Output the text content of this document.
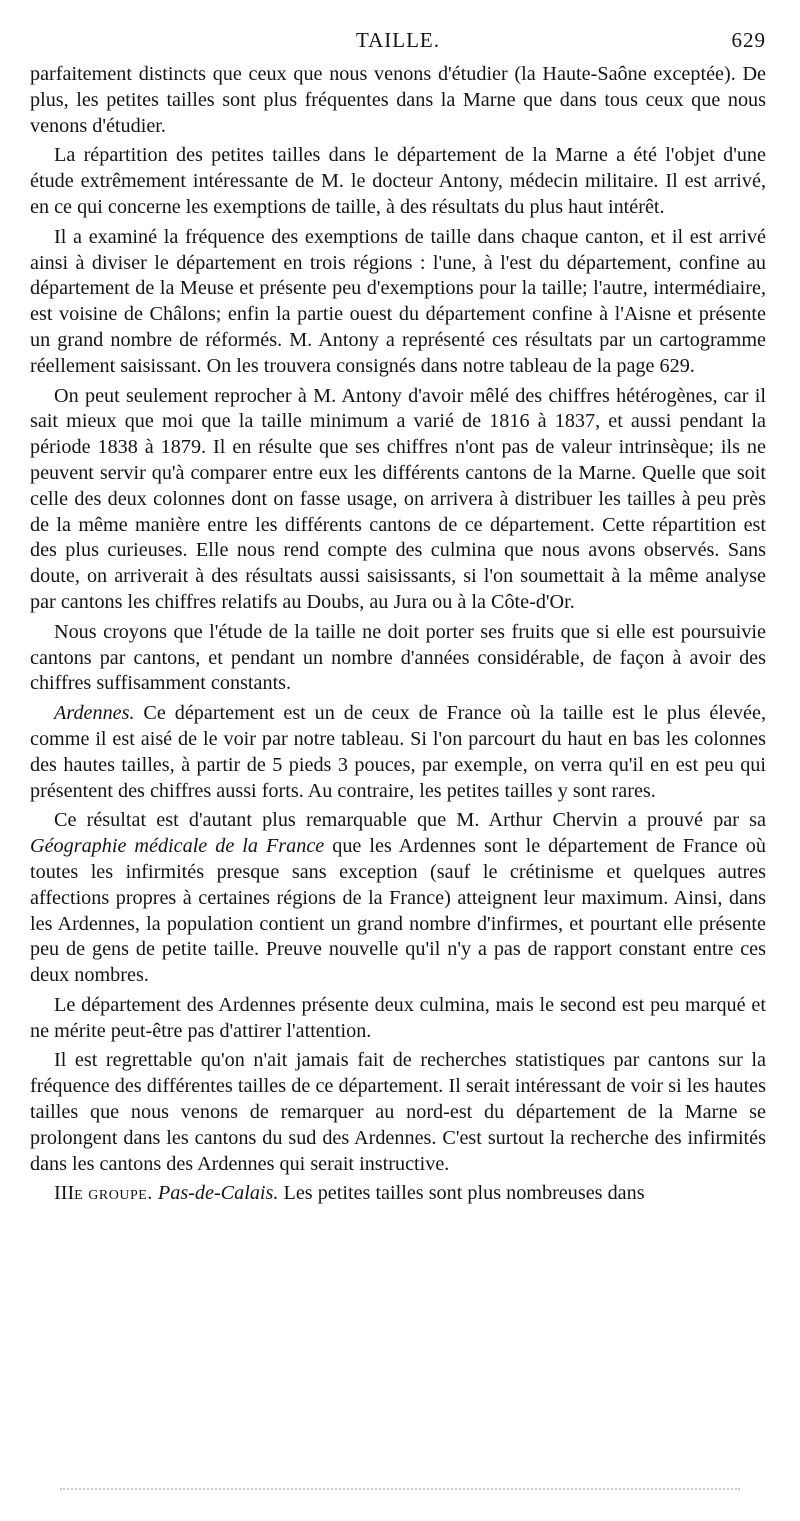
TAILLE.	629

parfaitement distincts que ceux que nous venons d'étudier (la Haute-Saône exceptée). De plus, les petites tailles sont plus fréquentes dans la Marne que dans tous ceux que nous venons d'étudier.

La répartition des petites tailles dans le département de la Marne a été l'objet d'une étude extrêmement intéressante de M. le docteur Antony, médecin militaire. Il est arrivé, en ce qui concerne les exemptions de taille, à des résultats du plus haut intérêt.

Il a examiné la fréquence des exemptions de taille dans chaque canton, et il est arrivé ainsi à diviser le département en trois régions : l'une, à l'est du département, confine au département de la Meuse et présente peu d'exemptions pour la taille; l'autre, intermédiaire, est voisine de Châlons; enfin la partie ouest du département confine à l'Aisne et présente un grand nombre de réformés. M. Antony a représenté ces résultats par un cartogramme réellement saisissant. On les trouvera consignés dans notre tableau de la page 629.

On peut seulement reprocher à M. Antony d'avoir mêlé des chiffres hétérogènes, car il sait mieux que moi que la taille minimum a varié de 1816 à 1837, et aussi pendant la période 1838 à 1879. Il en résulte que ses chiffres n'ont pas de valeur intrinsèque; ils ne peuvent servir qu'à comparer entre eux les différents cantons de la Marne. Quelle que soit celle des deux colonnes dont on fasse usage, on arrivera à distribuer les tailles à peu près de la même manière entre les différents cantons de ce département. Cette répartition est des plus curieuses. Elle nous rend compte des culmina que nous avons observés. Sans doute, on arriverait à des résultats aussi saisissants, si l'on soumettait à la même analyse par cantons les chiffres relatifs au Doubs, au Jura ou à la Côte-d'Or.

Nous croyons que l'étude de la taille ne doit porter ses fruits que si elle est poursuivie cantons par cantons, et pendant un nombre d'années considérable, de façon à avoir des chiffres suffisamment constants.

Ardennes. Ce département est un de ceux de France où la taille est le plus élevée, comme il est aisé de le voir par notre tableau. Si l'on parcourt du haut en bas les colonnes des hautes tailles, à partir de 5 pieds 3 pouces, par exemple, on verra qu'il en est peu qui présentent des chiffres aussi forts. Au contraire, les petites tailles y sont rares.

Ce résultat est d'autant plus remarquable que M. Arthur Chervin a prouvé par sa Géographie médicale de la France que les Ardennes sont le département de France où toutes les infirmités presque sans exception (sauf le crétinisme et quelques autres affections propres à certaines régions de la France) atteignent leur maximum. Ainsi, dans les Ardennes, la population contient un grand nombre d'infirmes, et pourtant elle présente peu de gens de petite taille. Preuve nouvelle qu'il n'y a pas de rapport constant entre ces deux nombres.

Le département des Ardennes présente deux culmina, mais le second est peu marqué et ne mérite peut-être pas d'attirer l'attention.

Il est regrettable qu'on n'ait jamais fait de recherches statistiques par cantons sur la fréquence des différentes tailles de ce département. Il serait intéressant de voir si les hautes tailles que nous venons de remarquer au nord-est du département de la Marne se prolongent dans les cantons du sud des Ardennes. C'est surtout la recherche des infirmités dans les cantons des Ardennes qui serait instructive.

IIIe groupe. Pas-de-Calais. Les petites tailles sont plus nombreuses dans
